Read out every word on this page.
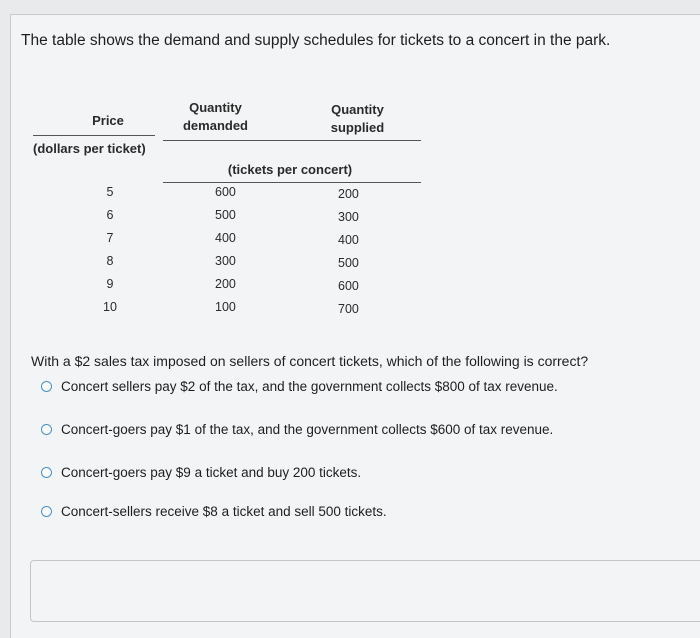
The table shows the demand and supply schedules for tickets to a concert in the park.
Price
(dollars per ticket)
Quantity
demanded
Quantity
supplied
(tickets per concert)
5
6
7
8
9
10
600
500
400
300
200
100
200
300
400
500
600
700
With a $2 sales tax imposed on sellers of concert tickets, which of the following is correct?
Concert sellers pay $2 of the tax, and the government collects $800 of tax revenue.
Concert-goers pay $1 of the tax, and the government collects $600 of tax revenue.
Concert-goers pay $9 a ticket and buy 200 tickets.
Concert-sellers receive $8 a ticket and sell 500 tickets.
